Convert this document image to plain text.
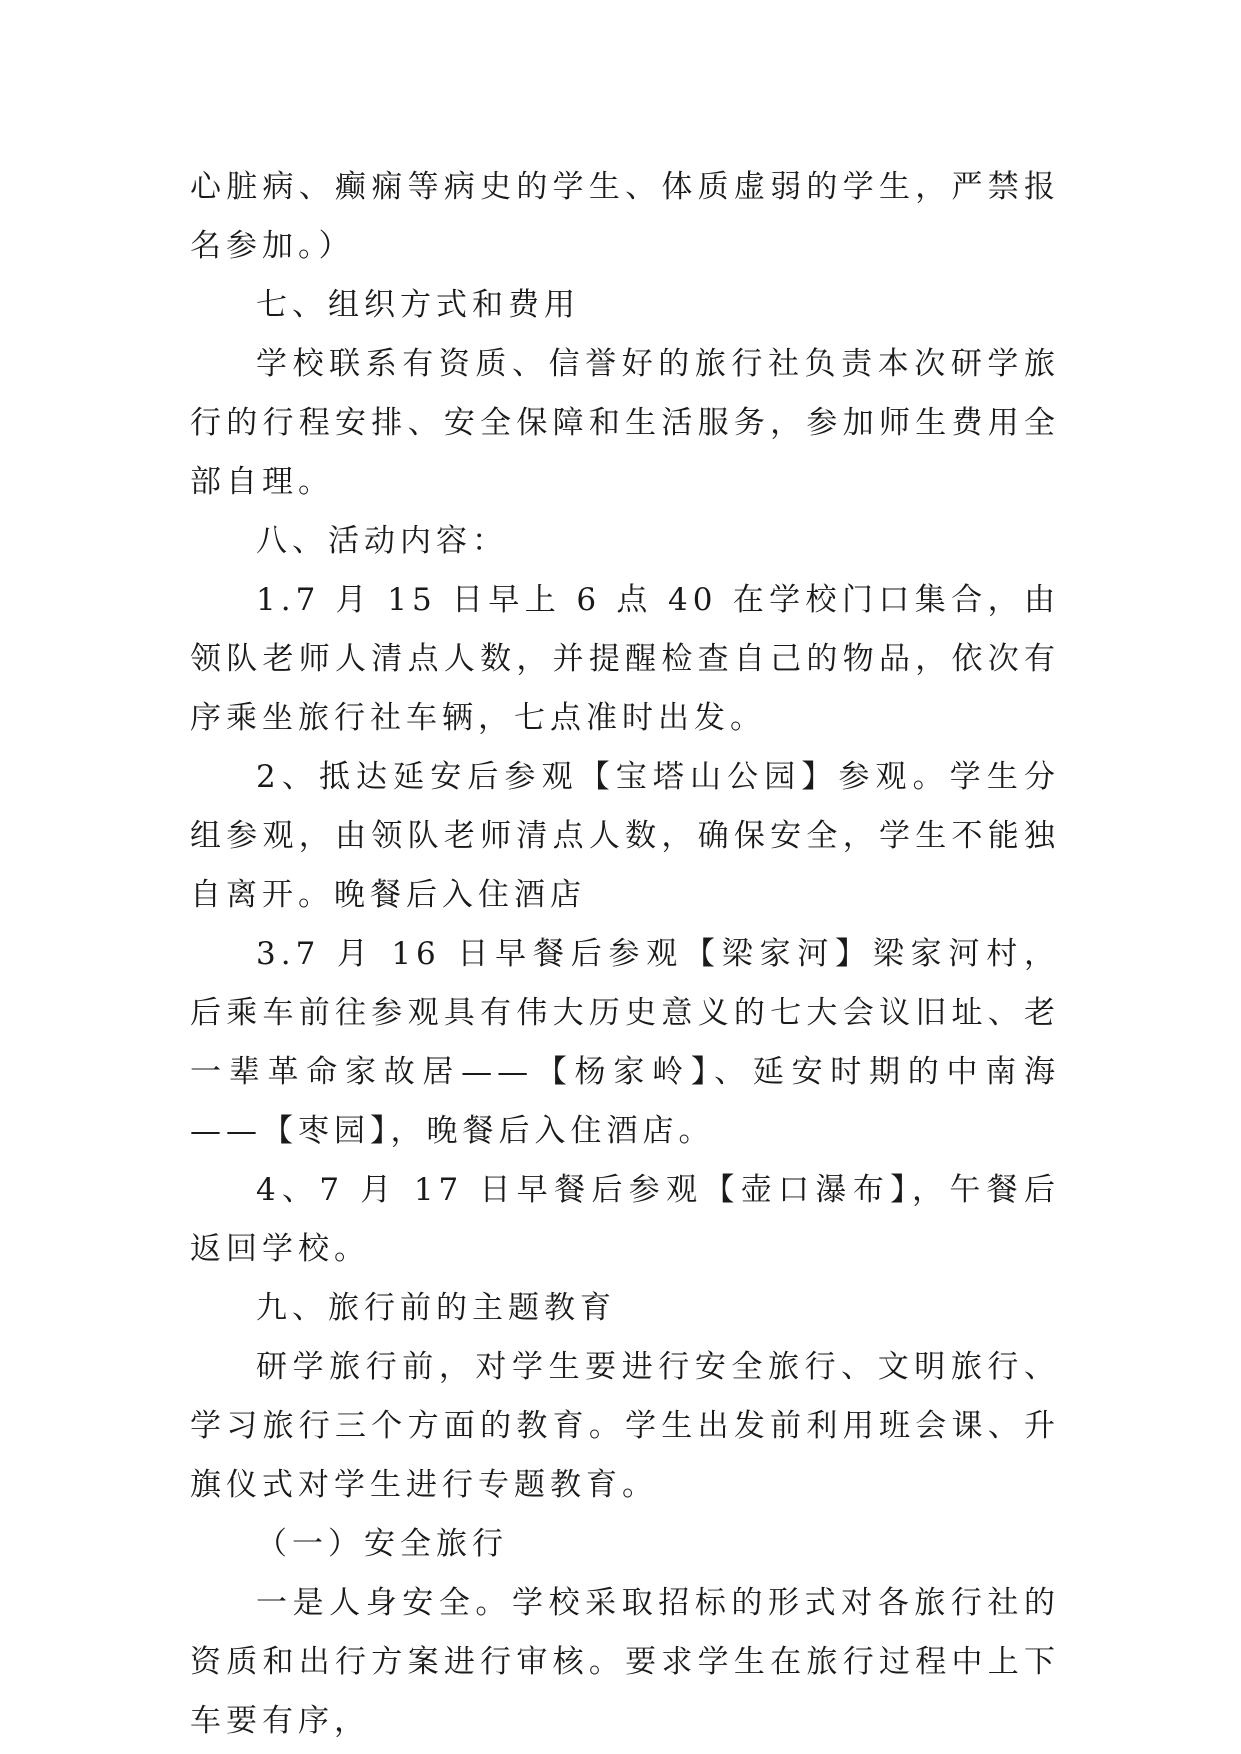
心脏病、癫痫等病史的学生、体质虚弱的学生，严禁报名参加。）

七、组织方式和费用

学校联系有资质、信誉好的旅行社负责本次研学旅行的行程安排、安全保障和生活服务，参加师生费用全部自理。

八、活动内容：

1.7 月 15 日早上 6 点 40 在学校门口集合，由领队老师人清点人数，并提醒检查自己的物品，依次有序乘坐旅行社车辆，七点准时出发。

2、抵达延安后参观【宝塔山公园】参观。学生分组参观，由领队老师清点人数，确保安全，学生不能独自离开。晚餐后入住酒店

3.7 月 16 日早餐后参观【梁家河】梁家河村，后乘车前往参观具有伟大历史意义的七大会议旧址、老一辈革命家故居——【杨家岭】、延安时期的中南海——【枣园】，晚餐后入住酒店。

4、7 月 17 日早餐后参观【壶口瀑布】，午餐后返回学校。

九、旅行前的主题教育

研学旅行前，对学生要进行安全旅行、文明旅行、学习旅行三个方面的教育。学生出发前利用班会课、升旗仪式对学生进行专题教育。

（一）安全旅行

一是人身安全。学校采取招标的形式对各旅行社的资质和出行方案进行审核。要求学生在旅行过程中上下车要有序，
